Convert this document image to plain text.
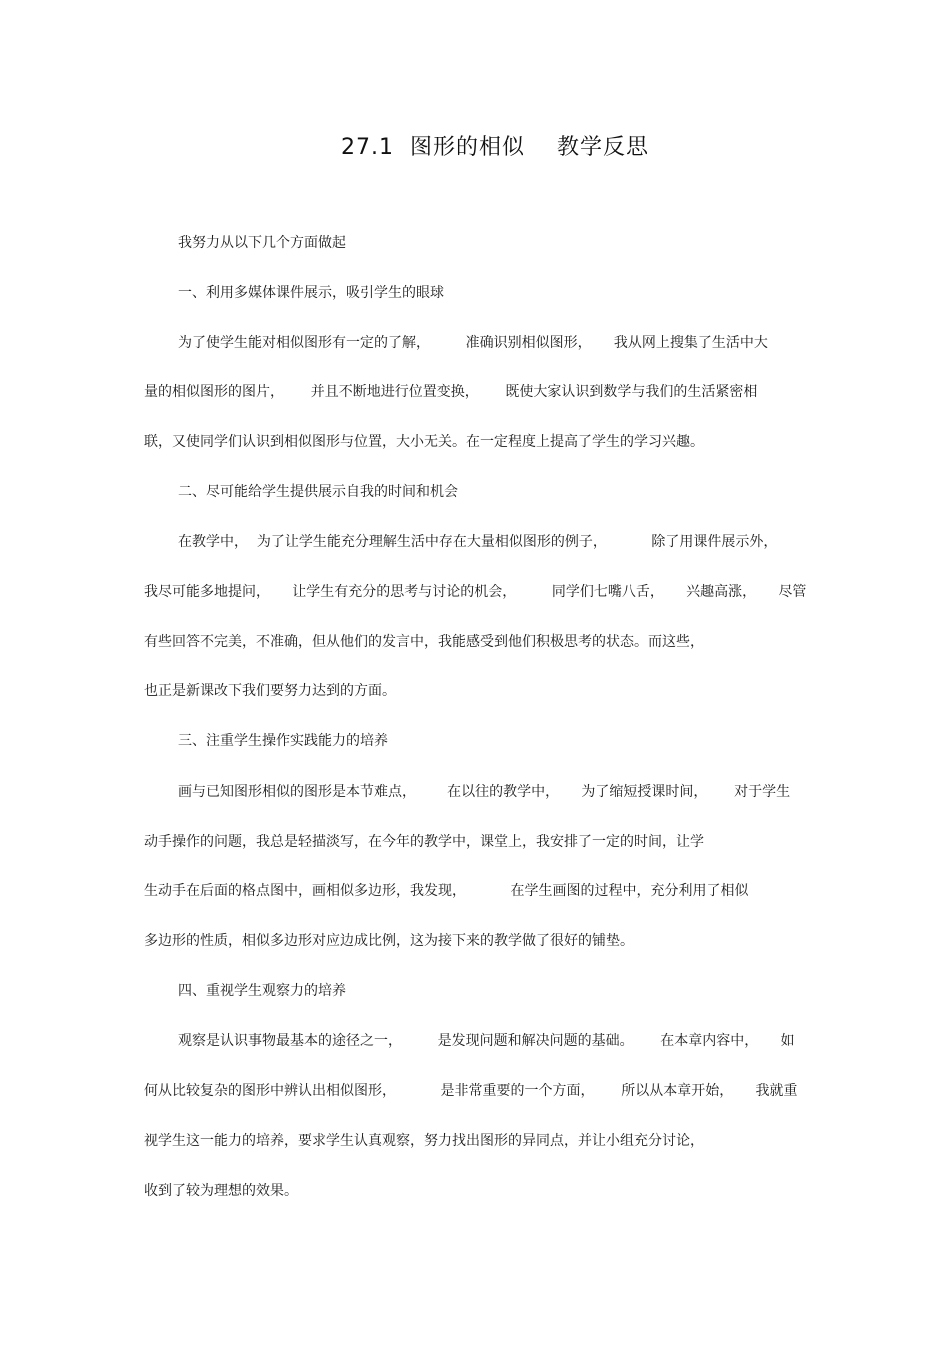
27.1  图形的相似    教学反思
我努力从以下几个方面做起
一、利用多媒体课件展示，吸引学生的眼球
为了使学生能对相似图形有一定的了解，        准确识别相似图形，     我从网上搜集了生活中大
量的相似图形的图片，      并且不断地进行位置变换，      既使大家认识到数学与我们的生活紧密相
联，又使同学们认识到相似图形与位置，大小无关。在一定程度上提高了学生的学习兴趣。
二、尽可能给学生提供展示自我的时间和机会
在教学中，  为了让学生能充分理解生活中存在大量相似图形的例子，          除了用课件展示外，
我尽可能多地提问，     让学生有充分的思考与讨论的机会，        同学们七嘴八舌，     兴趣高涨，     尽管
有些回答不完美，不准确，但从他们的发言中，我能感受到他们积极思考的状态。而这些，
也正是新课改下我们要努力达到的方面。
三、注重学生操作实践能力的培养
画与已知图形相似的图形是本节难点，       在以往的教学中，     为了缩短授课时间，      对于学生
动手操作的问题，我总是轻描淡写，在今年的教学中，课堂上，我安排了一定的时间，让学
生动手在后面的格点图中，画相似多边形，我发现，          在学生画图的过程中，充分利用了相似
多边形的性质，相似多边形对应边成比例，这为接下来的教学做了很好的铺垫。
四、重视学生观察力的培养
观察是认识事物最基本的途径之一，        是发现问题和解决问题的基础。      在本章内容中，     如
何从比较复杂的图形中辨认出相似图形，          是非常重要的一个方面，      所以从本章开始，     我就重
视学生这一能力的培养，要求学生认真观察，努力找出图形的异同点，并让小组充分讨论，
收到了较为理想的效果。
